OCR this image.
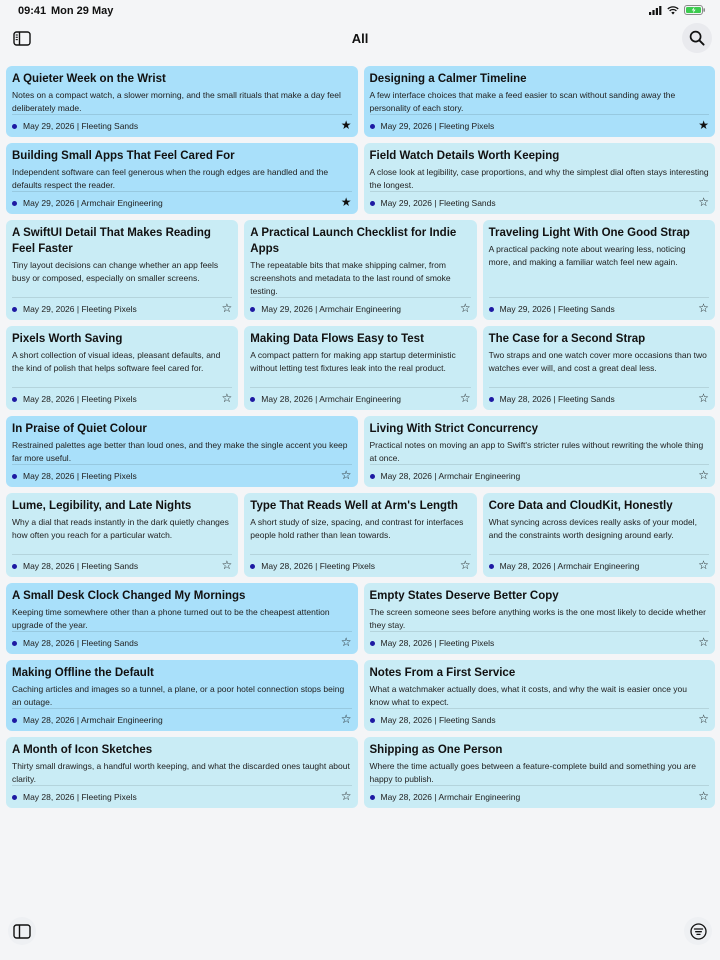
09:41 Mon 29 May
All
A Quieter Week on the Wrist
Notes on a compact watch, a slower morning, and the small rituals that make a day feel deliberately made.
May 29, 2026 | Fleeting Sands	★
Designing a Calmer Timeline
A few interface choices that make a feed easier to scan without sanding away the personality of each story.
May 29, 2026 | Fleeting Pixels	★
Building Small Apps That Feel Cared For
Independent software can feel generous when the rough edges are handled and the defaults respect the reader.
May 29, 2026 | Armchair Engineering	★
Field Watch Details Worth Keeping
A close look at legibility, case proportions, and why the simplest dial often stays interesting the longest.
May 29, 2026 | Fleeting Sands	☆
A SwiftUI Detail That Makes Reading Feel Faster
Tiny layout decisions can change whether an app feels busy or composed, especially on smaller screens.
May 29, 2026 | Fleeting Pixels	☆
A Practical Launch Checklist for Indie Apps
The repeatable bits that make shipping calmer, from screenshots and metadata to the last round of smoke testing.
May 29, 2026 | Armchair Engineering	☆
Traveling Light With One Good Strap
A practical packing note about wearing less, noticing more, and making a familiar watch feel new again.
May 29, 2026 | Fleeting Sands	☆
Pixels Worth Saving
A short collection of visual ideas, pleasant defaults, and the kind of polish that helps software feel cared for.
May 28, 2026 | Fleeting Pixels	☆
Making Data Flows Easy to Test
A compact pattern for making app startup deterministic without letting test fixtures leak into the real product.
May 28, 2026 | Armchair Engineering	☆
The Case for a Second Strap
Two straps and one watch cover more occasions than two watches ever will, and cost a great deal less.
May 28, 2026 | Fleeting Sands	☆
In Praise of Quiet Colour
Restrained palettes age better than loud ones, and they make the single accent you keep far more useful.
May 28, 2026 | Fleeting Pixels	☆
Living With Strict Concurrency
Practical notes on moving an app to Swift's stricter rules without rewriting the whole thing at once.
May 28, 2026 | Armchair Engineering	☆
Lume, Legibility, and Late Nights
Why a dial that reads instantly in the dark quietly changes how often you reach for a particular watch.
May 28, 2026 | Fleeting Sands	☆
Type That Reads Well at Arm's Length
A short study of size, spacing, and contrast for interfaces people hold rather than lean towards.
May 28, 2026 | Fleeting Pixels	☆
Core Data and CloudKit, Honestly
What syncing across devices really asks of your model, and the constraints worth designing around early.
May 28, 2026 | Armchair Engineering	☆
A Small Desk Clock Changed My Mornings
Keeping time somewhere other than a phone turned out to be the cheapest attention upgrade of the year.
May 28, 2026 | Fleeting Sands	☆
Empty States Deserve Better Copy
The screen someone sees before anything works is the one most likely to decide whether they stay.
May 28, 2026 | Fleeting Pixels	☆
Making Offline the Default
Caching articles and images so a tunnel, a plane, or a poor hotel connection stops being an outage.
May 28, 2026 | Armchair Engineering	☆
Notes From a First Service
What a watchmaker actually does, what it costs, and why the wait is easier once you know what to expect.
May 28, 2026 | Fleeting Sands	☆
A Month of Icon Sketches
Thirty small drawings, a handful worth keeping, and what the discarded ones taught about clarity.
May 28, 2026 | Fleeting Pixels	☆
Shipping as One Person
Where the time actually goes between a feature-complete build and something you are happy to publish.
May 28, 2026 | Armchair Engineering	☆
